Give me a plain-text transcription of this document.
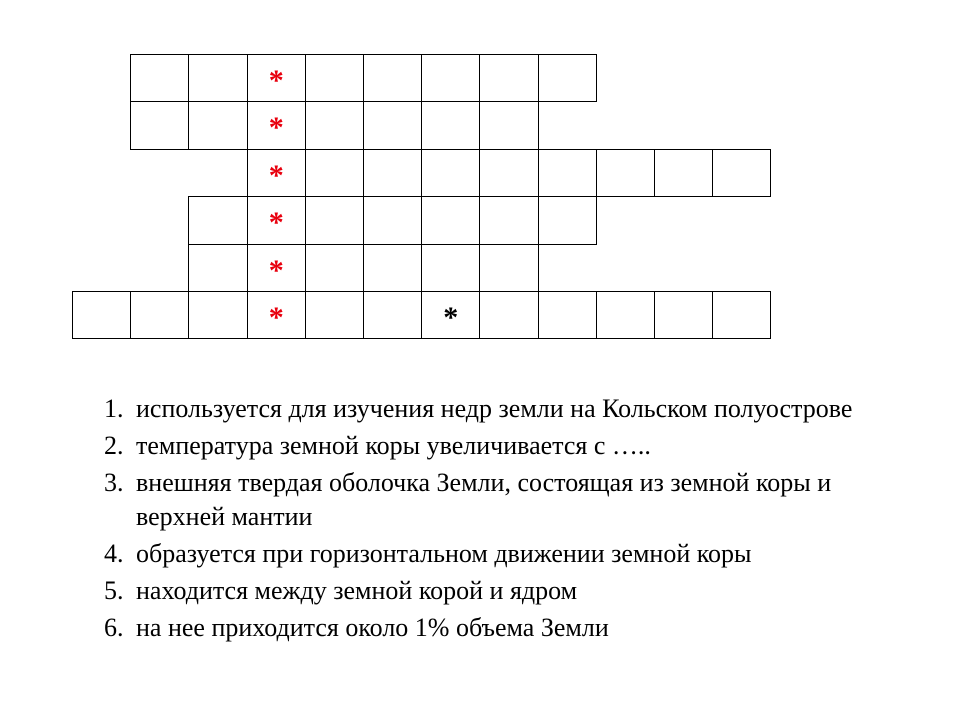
*
*
*
*
*
*	*
1. используется для изучения недр земли на Кольском полуострове
2. температура земной коры увеличивается с …..
3. внешняя твердая оболочка Земли, состоящая из земной коры и верхней мантии
4. образуется при горизонтальном движении земной коры
5. находится между земной корой и ядром
6. на нее приходится около 1% объема Земли
